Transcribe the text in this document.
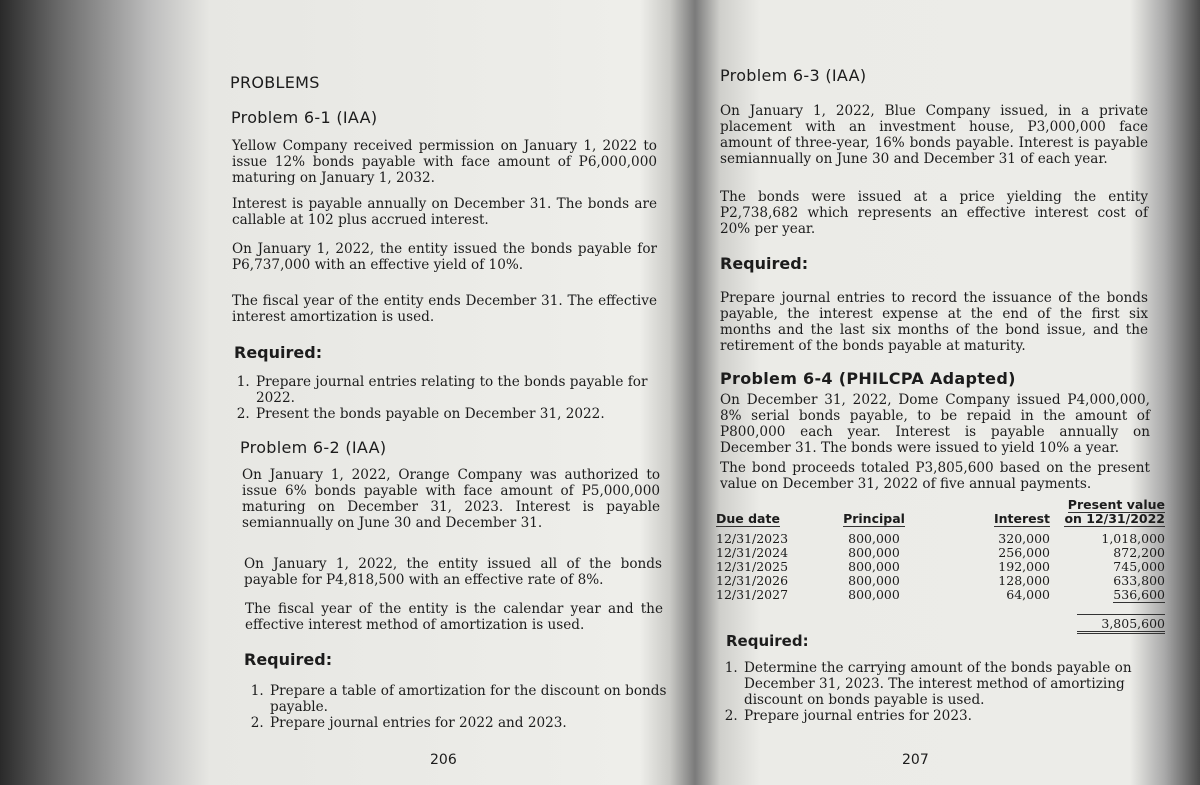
PROBLEMS
Problem 6-1 (IAA)

Yellow Company received permission on January 1, 2022 to issue 12% bonds payable with face amount of P6,000,000 maturing on January 1, 2032.

Interest is payable annually on December 31. The bonds are callable at 102 plus accrued interest.

On January 1, 2022, the entity issued the bonds payable for P6,737,000 with an effective yield of 10%.

The fiscal year of the entity ends December 31. The effective interest amortization is used.

Required:
1. Prepare journal entries relating to the bonds payable for 2022.
2. Present the bonds payable on December 31, 2022.
Problem 6-2 (IAA)

On January 1, 2022, Orange Company was authorized to issue 6% bonds payable with face amount of P5,000,000 maturing on December 31, 2023. Interest is payable semiannually on June 30 and December 31.

On January 1, 2022, the entity issued all of the bonds payable for P4,818,500 with an effective rate of 8%.

The fiscal year of the entity is the calendar year and the effective interest method of amortization is used.

Required:
1. Prepare a table of amortization for the discount on bonds payable.
2. Prepare journal entries for 2022 and 2023.
206
Problem 6-3 (IAA)

On January 1, 2022, Blue Company issued, in a private placement with an investment house, P3,000,000 face amount of three-year, 16% bonds payable. Interest is payable semiannually on June 30 and December 31 of each year.

The bonds were issued at a price yielding the entity P2,738,682 which represents an effective interest cost of 20% per year.

Required:

Prepare journal entries to record the issuance of the bonds payable, the interest expense at the end of the first six months and the last six months of the bond issue, and the retirement of the bonds payable at maturity.

Problem 6-4 (PHILCPA Adapted)

On December 31, 2022, Dome Company issued P4,000,000, 8% serial bonds payable, to be repaid in the amount of P800,000 each year. Interest is payable annually on December 31. The bonds were issued to yield 10% a year.

The bond proceeds totaled P3,805,600 based on the present value on December 31, 2022 of five annual payments.

Due date	Principal	Interest	Present value on 12/31/2022
12/31/2023	800,000	320,000	1,018,000
12/31/2024	800,000	256,000	872,200
12/31/2025	800,000	192,000	745,000
12/31/2026	800,000	128,000	633,800
12/31/2027	800,000	64,000	536,600
			3,805,600
Required:
1. Determine the carrying amount of the bonds payable on December 31, 2023. The interest method of amortizing discount on bonds payable is used.
2. Prepare journal entries for 2023.
207
